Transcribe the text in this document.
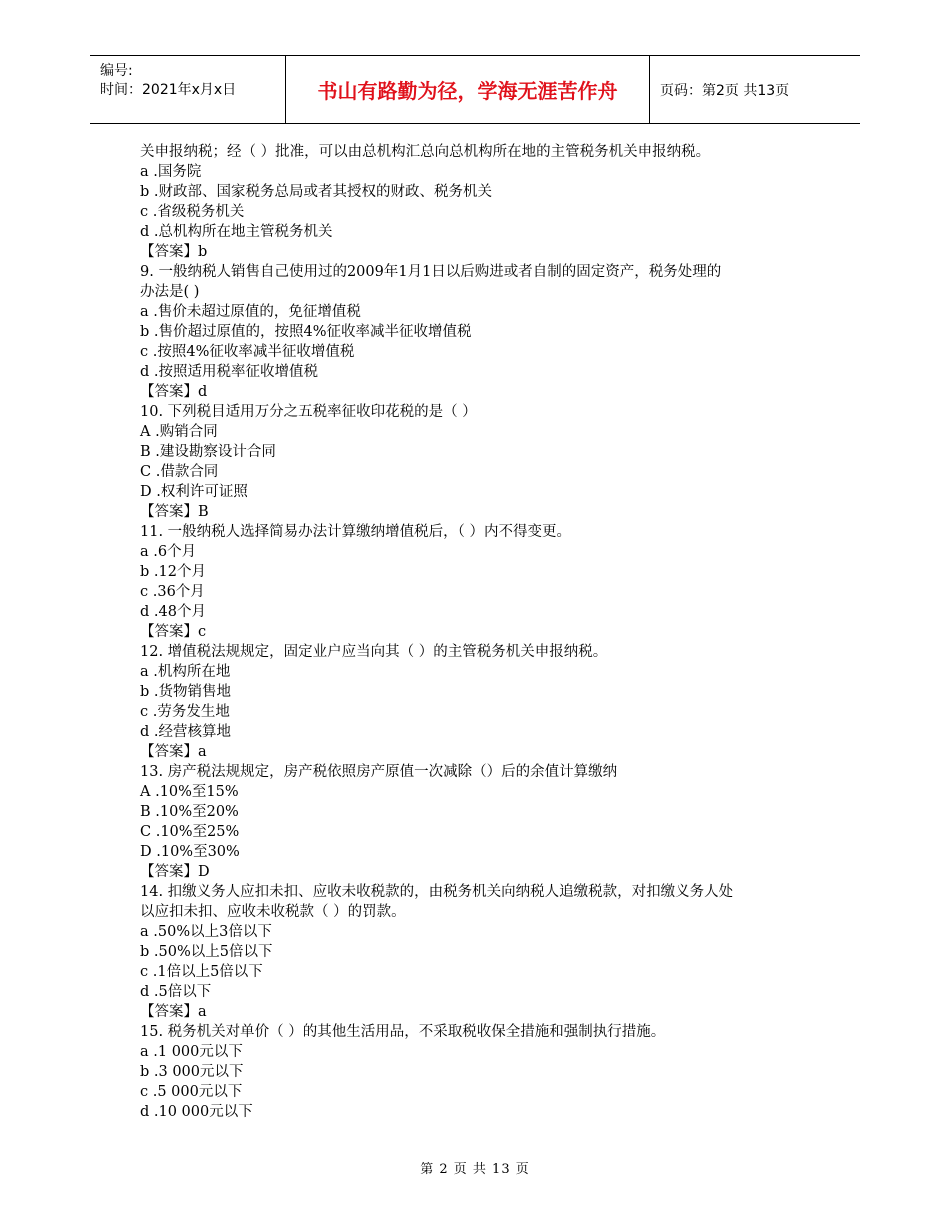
编号:
时间：2021年x月x日	书山有路勤为径，学海无涯苦作舟	页码：第2页 共13页
关申报纳税；经（ ）批准，可以由总机构汇总向总机构所在地的主管税务机关申报纳税。
a .国务院
b .财政部、国家税务总局或者其授权的财政、税务机关
c .省级税务机关
d .总机构所在地主管税务机关
【答案】b
9. 一般纳税人销售自己使用过的2009年1月1日以后购进或者自制的固定资产，税务处理的
办法是( )
a .售价未超过原值的，免征增值税
b .售价超过原值的，按照4%征收率减半征收增值税
c .按照4%征收率减半征收增值税
d .按照适用税率征收增值税
【答案】d
10. 下列税目适用万分之五税率征收印花税的是（ ）
A .购销合同
B .建设勘察设计合同
C .借款合同
D .权利许可证照
【答案】B
11. 一般纳税人选择简易办法计算缴纳增值税后，（ ）内不得变更。
a .6个月
b .12个月
c .36个月
d .48个月
【答案】c
12. 增值税法规规定，固定业户应当向其（ ）的主管税务机关申报纳税。
a .机构所在地
b .货物销售地
c .劳务发生地
d .经营核算地
【答案】a
13. 房产税法规规定，房产税依照房产原值一次减除（）后的余值计算缴纳
A .10%至15%
B .10%至20%
C .10%至25%
D .10%至30%
【答案】D
14. 扣缴义务人应扣未扣、应收未收税款的，由税务机关向纳税人追缴税款，对扣缴义务人处
以应扣未扣、应收未收税款（ ）的罚款。
a .50%以上3倍以下
b .50%以上5倍以下
c .1倍以上5倍以下
d .5倍以下
【答案】a
15. 税务机关对单价（ ）的其他生活用品，不采取税收保全措施和强制执行措施。
a .1 000元以下
b .3 000元以下
c .5 000元以下
d .10 000元以下
第 2 页 共 13 页
